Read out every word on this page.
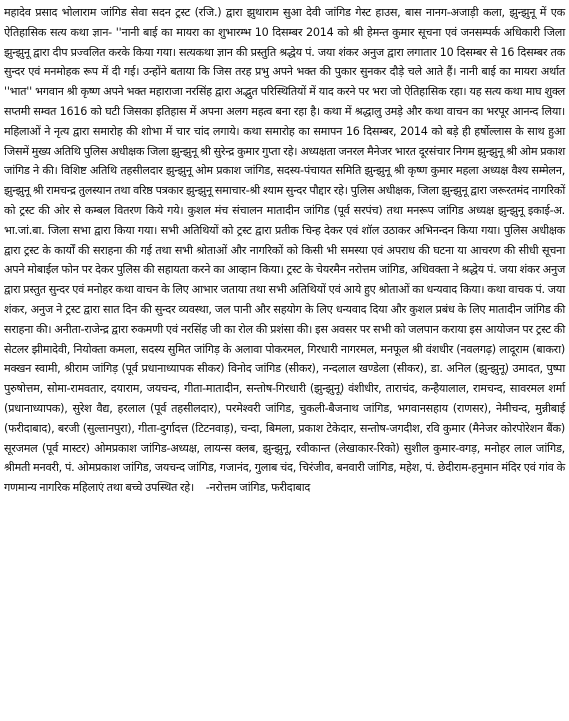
महादेव प्रसाद भोलाराम जांगिड सेवा सदन ट्रस्ट (रजि.) द्वारा झुथाराम सुआ देवी जांगिड गेस्ट हाउस, बास नानग-अजाड़ी कला, झुन्झुनू में एक ऐतिहासिक सत्य कथा ज्ञान- ''नानी बाई का मायरा का शुभारम्भ 10 दिसम्बर 2014 को श्री हेमन्त कुमार सूचना एवं जनसम्पर्क अधिकारी जिला झुन्झुनू द्वारा दीप प्रज्वलित करके किया गया। सत्यकथा ज्ञान की प्रस्तुति श्रद्धेय पं. जया शंकर अनुज द्वारा लगातार 10 दिसम्बर से 16 दिसम्बर तक सुन्दर एवं मनमोहक रूप में दी गई। उन्होंने बताया कि जिस तरह प्रभु अपने भक्त की पुकार सुनकर दौड़े चले आते हैं। नानी बाई का मायरा अर्थात ''भात'' भगवान श्री कृष्ण अपने भक्त महाराजा नरसिंह द्वारा अद्भुत परिस्थितियों में याद करने पर भरा जो ऐतिहासिक रहा। यह सत्य कथा माघ शुक्ल सप्तमी सम्वत 1616 को घटी जिसका इतिहास में अपना अलग महत्व बना रहा है। कथा में श्रद्धालु उमड़े और कथा वाचन का भरपूर आनन्द लिया। महिलाओं ने नृत्य द्वारा समारोह की शोभा में चार चांद लगाये। कथा समारोह का समापन 16 दिसम्बर, 2014 को बड़े ही हर्षोल्लास के साथ हुआ जिसमें मुख्य अतिथि पुलिस अधीक्षक जिला झुन्झुनू श्री सुरेन्द्र कुमार गुप्ता रहे। अध्यक्षता जनरल मैनेजर भारत दूरसंचार निगम झुन्झुनू श्री ओम प्रकाश जांगिड ने की। विशिष्ट अतिथि तहसीलदार झुन्झुनू ओम प्रकाश जांगिड, सदस्य-पंचायत समिति झुन्झुनू श्री कृष्ण कुमार महला अध्यक्ष वैश्य सम्मेलन, झुन्झुनू श्री रामचन्द्र तुलस्यान तथा वरिष्ठ पत्रकार झुन्झुनू समाचार-श्री श्याम सुन्दर पौद्दार रहे। पुलिस अधीक्षक, जिला झुन्झुनू द्वारा जरूरतमंद नागरिकों को ट्रस्ट की ओर से कम्बल वितरण किये गये। कुशल मंच संचालन मातादीन जांगिड (पूर्व सरपंच) तथा मनरूप जांगिड अध्यक्ष झुन्झुनू इकाई-अ. भा.जां.बा. जिला सभा द्वारा किया गया। सभी अतिथियों को ट्रस्ट द्वारा प्रतीक चिन्ह देकर एवं शॉल उठाकर अभिनन्दन किया गया। पुलिस अधीक्षक द्वारा ट्रस्ट के कार्यों की सराहना की गई तथा सभी श्रोताओं और नागरिकों को किसी भी समस्या एवं अपराध की घटना या आचरण की सीधी सूचना अपने मोबाईल फोन पर देकर पुलिस की सहायता करने का आव्हान किया। ट्रस्ट के चेयरमैन नरोत्तम जांगिड, अधिवक्ता ने श्रद्धेय पं. जया शंकर अनुज द्वारा प्रस्तुत सुन्दर एवं मनोहर कथा वाचन के लिए आभार जताया तथा सभी अतिथियों एवं आये हुए श्रोताओं का धन्यवाद किया। कथा वाचक पं. जया शंकर, अनुज ने ट्रस्ट द्वारा सात दिन की सुन्दर व्यवस्था, जल पानी और सहयोग के लिए धन्यवाद दिया और कुशल प्रबंध के लिए मातादीन जांगिड की सराहना की। अनीता-राजेन्द्र द्वारा रुकमणी एवं नरसिंह जी का रोल की प्रशंसा की। इस अवसर पर सभी को जलपान कराया इस आयोजन पर ट्रस्ट की सेटलर झीमादेवी, नियोक्ता कमला, सदस्य सुमित जांगिड़ के अलावा पोकरमल, गिरधारी नागरमल, मनफूल श्री वंशधीर (नवलगढ़) लादूराम (बाकरा) मक्खन स्वामी, श्रीराम जांगिड़ (पूर्व प्रधानाध्यापक सीकर) विनोद जांगिड (सीकर), नन्दलाल खण्डेला (सीकर), डा. अनिल (झुन्झुनू) उमादत, पुष्पा पुरुषोत्तम, सोमा-रामवतार, दयाराम, जयचन्द, गीता-मातादीन, सन्तोष-गिरधारी (झुन्झुनू) वंशीधीर, ताराचंद, कन्हैयालाल, रामचन्द, सावरमल शर्मा (प्रधानाध्यापक), सुरेश वैद्य, हरलाल (पूर्व तहसीलदार), परमेश्वरी जांगिड, चुकली-बैजनाथ जांगिड, भगवानसहाय (राणसर), नेमीचन्द, मुन्नीबाई (फरीदाबाद), बरजी (सुल्तानपुरा), गीता-दुर्गादत्त (टिटनवाड़), चन्दा, बिमला, प्रकाश टेकेदार, सन्तोष-जगदीश, रवि कुमार (मैनेजर कोरपोरेशन बैंक) सूरजमल (पूर्व मास्टर) ओमप्रकाश जांगिड-अध्यक्ष, लायन्स क्लब, झुन्झुनू, रवीकान्त (लेखाकार-रिको) सुशील कुमार-वगड़, मनोहर लाल जांगिड, श्रीमती मनवरी, पं. ओमप्रकाश जांगिड, जयचन्द जांगिड, गजानंद, गुलाब चंद, चिरंजीव, बनवारी जांगिड, महेश, पं. छेदीराम-हनुमान मंदिर एवं गांव के गणमान्य नागरिक महिलाएं तथा बच्चे उपस्थित रहे। -नरोत्तम जांगिड, फरीदाबाद
